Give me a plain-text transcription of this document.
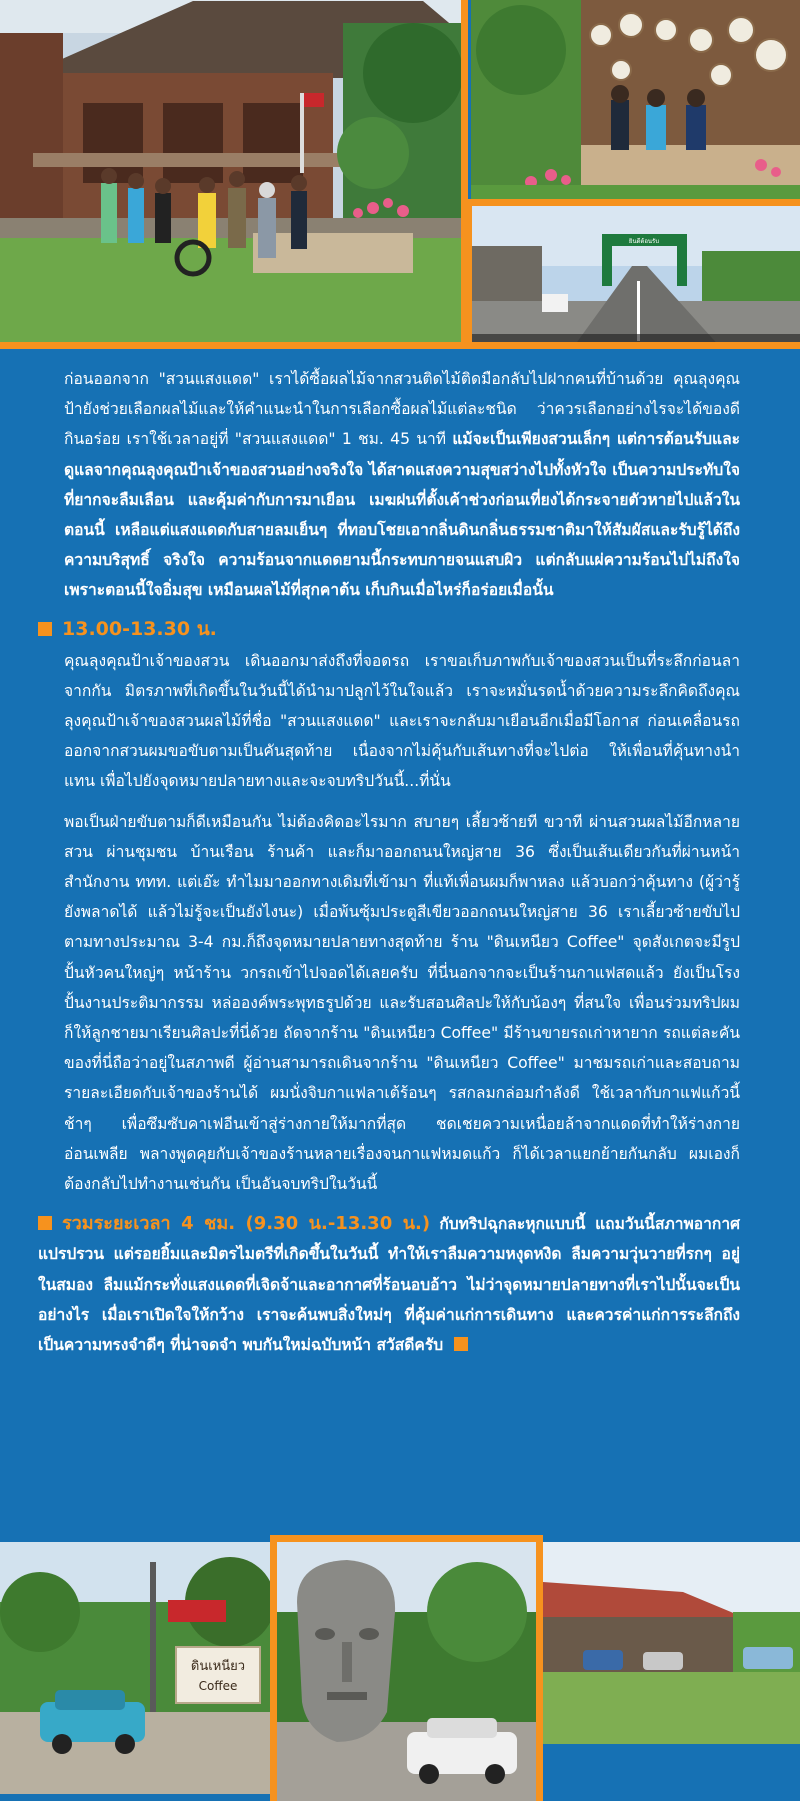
ยินดีต้อนรับ

ก่อนออกจาก "สวนแสงแดด" เราได้ซื้อผลไม้จากสวนติดไม้ติดมือกลับไปฝากคนที่บ้านด้วย คุณลุงคุณป้ายังช่วยเลือกผลไม้และให้คำแนะนำในการเลือกซื้อผลไม้แต่ละชนิด ว่าควรเลือกอย่างไรจะได้ของดีกินอร่อย เราใช้เวลาอยู่ที่ "สวนแสงแดด" 1 ชม. 45 นาที แม้จะเป็นเพียงสวนเล็กๆ แต่การต้อนรับและดูแลจากคุณลุงคุณป้าเจ้าของสวนอย่างจริงใจ ได้สาดแสงความสุขสว่างไปทั้งหัวใจ เป็นความประทับใจที่ยากจะลืมเลือน และคุ้มค่ากับการมาเยือน เมฆฝนที่ตั้งเค้าช่วงก่อนเที่ยงได้กระจายตัวหายไปแล้วในตอนนี้ เหลือแต่แสงแดดกับสายลมเย็นๆ ที่ทอบโชยเอากลิ่นดินกลิ่นธรรมชาติมาให้สัมผัสและรับรู้ได้ถึงความบริสุทธิ์ จริงใจ ความร้อนจากแดดยามนี้กระทบกายจนแสบผิว แต่กลับแผ่ความร้อนไปไม่ถึงใจ เพราะตอนนี้ใจอิ่มสุข เหมือนผลไม้ที่สุกคาต้น เก็บกินเมื่อไหร่ก็อร่อยเมื่อนั้น

13.00-13.30 น.

คุณลุงคุณป้าเจ้าของสวน เดินออกมาส่งถึงที่จอดรถ เราขอเก็บภาพกับเจ้าของสวนเป็นที่ระลึกก่อนลาจากกัน มิตรภาพที่เกิดขึ้นในวันนี้ได้นำมาปลูกไว้ในใจแล้ว เราจะหมั่นรดน้ำด้วยความระลึกคิดถึงคุณลุงคุณป้าเจ้าของสวนผลไม้ที่ชื่อ "สวนแสงแดด" และเราจะกลับมาเยือนอีกเมื่อมีโอกาส ก่อนเคลื่อนรถออกจากสวนผมขอขับตามเป็นคันสุดท้าย เนื่องจากไม่คุ้นกับเส้นทางที่จะไปต่อ ให้เพื่อนที่คุ้นทางนำแทน เพื่อไปยังจุดหมายปลายทางและจะจบทริปวันนี้...ที่นั่น

พอเป็นฝ่ายขับตามก็ดีเหมือนกัน ไม่ต้องคิดอะไรมาก สบายๆ เลี้ยวซ้ายที ขวาที ผ่านสวนผลไม้อีกหลายสวน ผ่านชุมชน บ้านเรือน ร้านค้า และก็มาออกถนนใหญ่สาย 36 ซึ่งเป็นเส้นเดียวกันที่ผ่านหน้าสำนักงาน ททท. แต่เอ๊ะ ทำไมมาออกทางเดิมที่เข้ามา ที่แท้เพื่อนผมก็พาหลง แล้วบอกว่าคุ้นทาง (ผู้ว่ารู้ ยังพลาดได้ แล้วไม่รู้จะเป็นยังไงนะ) เมื่อพ้นซุ้มประตูสีเขียวออกถนนใหญ่สาย 36 เราเลี้ยวซ้ายขับไปตามทางประมาณ 3-4 กม.ก็ถึงจุดหมายปลายทางสุดท้าย ร้าน "ดินเหนียว Coffee" จุดสังเกตจะมีรูปปั้นหัวคนใหญ่ๆ หน้าร้าน วกรถเข้าไปจอดได้เลยครับ ที่นี่นอกจากจะเป็นร้านกาแฟสดแล้ว ยังเป็นโรงปั้นงานประติมากรรม หล่อองค์พระพุทธรูปด้วย และรับสอนศิลปะให้กับน้องๆ ที่สนใจ เพื่อนร่วมทริปผม ก็ให้ลูกชายมาเรียนศิลปะที่นี่ด้วย ถัดจากร้าน "ดินเหนียว Coffee" มีร้านขายรถเก่าหายาก รถแต่ละคันของที่นี่ถือว่าอยู่ในสภาพดี ผู้อ่านสามารถเดินจากร้าน "ดินเหนียว Coffee" มาชมรถเก่าและสอบถามรายละเอียดกับเจ้าของร้านได้ ผมนั่งจิบกาแฟลาเต้ร้อนๆ รสกลมกล่อมกำลังดี ใช้เวลากับกาแฟแก้วนี้ช้าๆ เพื่อซึมซับคาเฟอีนเข้าสู่ร่างกายให้มากที่สุด ชดเชยความเหนื่อยล้าจากแดดที่ทำให้ร่างกายอ่อนเพลีย พลางพูดคุยกับเจ้าของร้านหลายเรื่องจนกาแฟหมดแก้ว ก็ได้เวลาแยกย้ายกันกลับ ผมเองก็ต้องกลับไปทำงานเช่นกัน เป็นอันจบทริปในวันนี้

รวมระยะเวลา 4 ชม. (9.30 น.-13.30 น.) กับทริปฉุกละหุกแบบนี้ แถมวันนี้สภาพอากาศแปรปรวน แต่รอยยิ้มและมิตรไมตรีที่เกิดขึ้นในวันนี้ ทำให้เราลืมความหงุดหงิด ลืมความวุ่นวายที่รกๆ อยู่ในสมอง ลืมแม้กระทั่งแสงแดดที่เจิดจ้าและอากาศที่ร้อนอบอ้าว ไม่ว่าจุดหมายปลายทางที่เราไปนั้นจะเป็นอย่างไร เมื่อเราเปิดใจให้กว้าง เราจะค้นพบสิ่งใหม่ๆ ที่คุ้มค่าแก่การเดินทาง และควรค่าแก่การระลึกถึง เป็นความทรงจำดีๆ ที่น่าจดจำ พบกันใหม่ฉบับหน้า สวัสดีครับ

ดินเหนียว
Coffee
